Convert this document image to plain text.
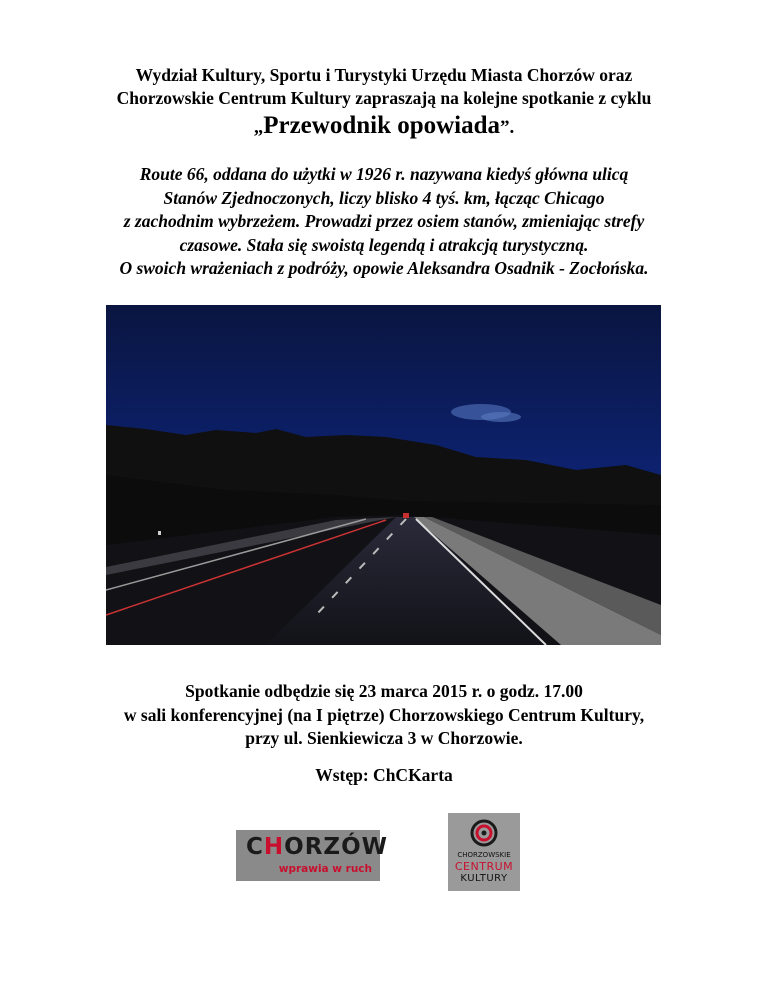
Wydział Kultury, Sportu i Turystyki Urzędu Miasta Chorzów oraz
Chorzowskie Centrum Kultury zapraszają na kolejne spotkanie z cyklu
„Przewodnik opowiada”.
Route 66, oddana do użytki w 1926 r. nazywana kiedyś główna ulicą
Stanów Zjednoczonych, liczy blisko 4 tyś. km, łącząc Chicago
z zachodnim wybrzeżem. Prowadzi przez osiem stanów, zmieniając strefy
czasowe. Stała się swoistą legendą i atrakcją turystyczną.
O swoich wrażeniach z podróży, opowie Aleksandra Osadnik - Zocłońska.
Spotkanie odbędzie się 23 marca 2015 r. o godz. 17.00
w sali konferencyjnej (na I piętrze) Chorzowskiego Centrum Kultury,
przy ul. Sienkiewicza 3 w Chorzowie.
Wstęp: ChCKarta
CHORZÓW
wprawia w ruch
CHORZOWSKIE
CENTRUM
KULTURY
